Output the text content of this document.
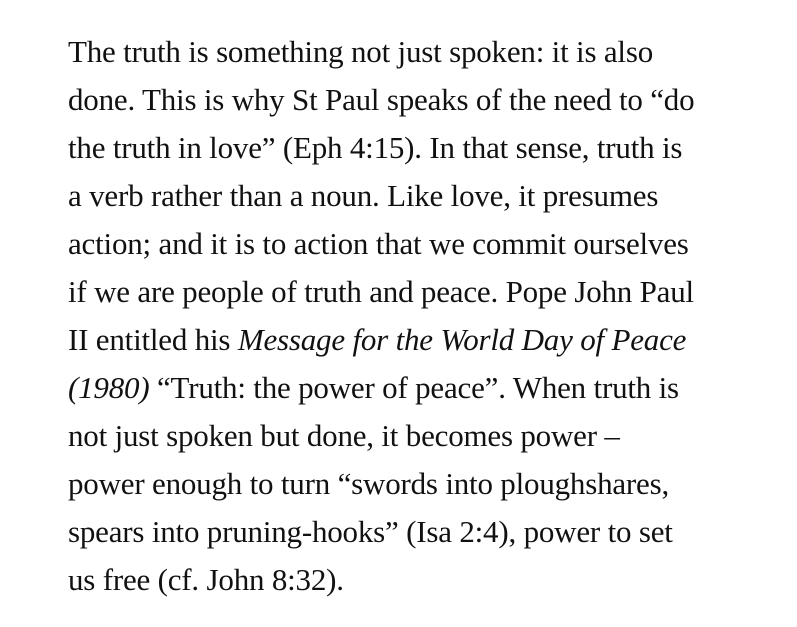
The truth is something not just spoken: it is also
done. This is why St Paul speaks of the need to “do
the truth in love” (Eph 4:15). In that sense, truth is
a verb rather than a noun. Like love, it presumes
action; and it is to action that we commit ourselves
if we are people of truth and peace. Pope John Paul
II entitled his Message for the World Day of Peace
(1980) “Truth: the power of peace”. When truth is
not just spoken but done, it becomes power –
power enough to turn “swords into ploughshares,
spears into pruning-hooks” (Isa 2:4), power to set
us free (cf. John 8:32).
